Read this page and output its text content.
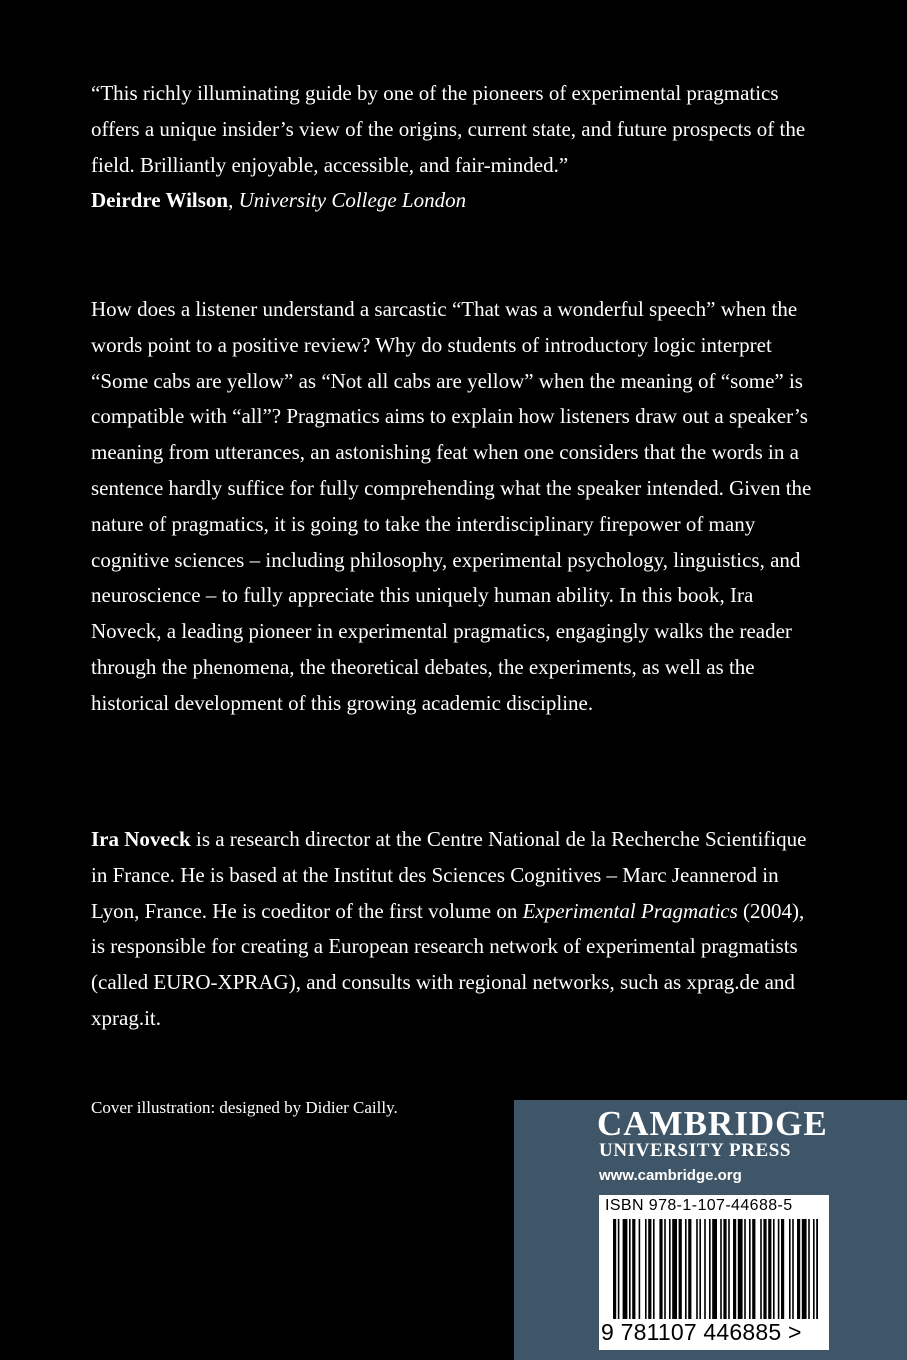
“This richly illuminating guide by one of the pioneers of experimental pragmatics offers a unique insider’s view of the origins, current state, and future prospects of the field. Brilliantly enjoyable, accessible, and fair-minded.”
Deirdre Wilson, University College London

How does a listener understand a sarcastic “That was a wonderful speech” when the words point to a positive review? Why do students of introductory logic interpret “Some cabs are yellow” as “Not all cabs are yellow” when the meaning of “some” is compatible with “all”? Pragmatics aims to explain how listeners draw out a speaker’s meaning from utterances, an astonishing feat when one considers that the words in a sentence hardly suffice for fully comprehending what the speaker intended. Given the nature of pragmatics, it is going to take the interdisciplinary firepower of many cognitive sciences – including philosophy, experimental psychology, linguistics, and neuroscience – to fully appreciate this uniquely human ability. In this book, Ira Noveck, a leading pioneer in experimental pragmatics, engagingly walks the reader through the phenomena, the theoretical debates, the experiments, as well as the historical development of this growing academic discipline.

Ira Noveck is a research director at the Centre National de la Recherche Scientifique in France. He is based at the Institut des Sciences Cognitives – Marc Jeannerod in Lyon, France. He is coeditor of the first volume on Experimental Pragmatics (2004), is responsible for creating a European research network of experimental pragmatists (called EURO-XPRAG), and consults with regional networks, such as xprag.de and xprag.it.

Cover illustration: designed by Didier Cailly.	CAMBRIDGE
UNIVERSITY PRESS
www.cambridge.org
ISBN 978-1-107-44688-5
9 781107 446885 >
